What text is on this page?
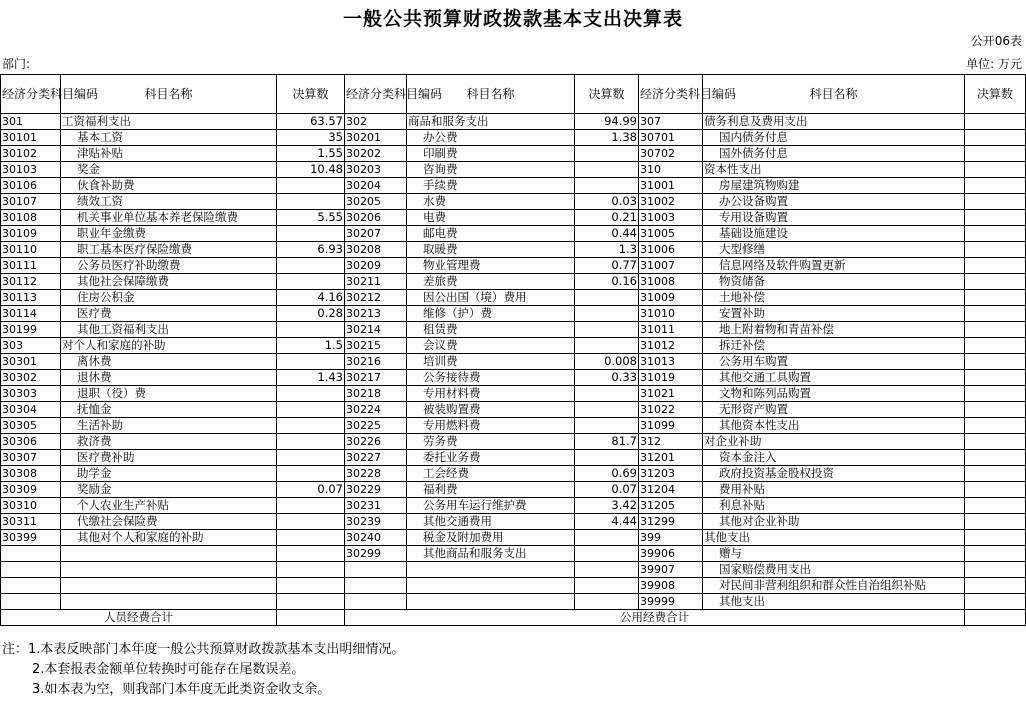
一般公共预算财政拨款基本支出决算表
公开06表
部门:	单位: 万元
经济分类科目编码	科目名称	决算数	经济分类科目编码	科目名称	决算数	经济分类科目编码	科目名称	决算数
301	工资福利支出	63.57	302	商品和服务支出	94.99	307	债务利息及费用支出	
30101	基本工资	35	30201	办公费	1.38	30701	国内债务付息	
30102	津贴补贴	1.55	30202	印刷费		30702	国外债务付息	
30103	奖金	10.48	30203	咨询费		310	资本性支出	
30106	伙食补助费		30204	手续费		31001	房屋建筑物购建	
30107	绩效工资		30205	水费	0.03	31002	办公设备购置	
30108	机关事业单位基本养老保险缴费	5.55	30206	电费	0.21	31003	专用设备购置	
30109	职业年金缴费		30207	邮电费	0.44	31005	基础设施建设	
30110	职工基本医疗保险缴费	6.93	30208	取暖费	1.3	31006	大型修缮	
30111	公务员医疗补助缴费		30209	物业管理费	0.77	31007	信息网络及软件购置更新	
30112	其他社会保障缴费		30211	差旅费	0.16	31008	物资储备	
30113	住房公积金	4.16	30212	因公出国（境）费用		31009	土地补偿	
30114	医疗费	0.28	30213	维修（护）费		31010	安置补助	
30199	其他工资福利支出		30214	租赁费		31011	地上附着物和青苗补偿	
303	对个人和家庭的补助	1.5	30215	会议费		31012	拆迁补偿	
30301	离休费		30216	培训费	0.008	31013	公务用车购置	
30302	退休费	1.43	30217	公务接待费	0.33	31019	其他交通工具购置	
30303	退职（役）费		30218	专用材料费		31021	文物和陈列品购置	
30304	抚恤金		30224	被装购置费		31022	无形资产购置	
30305	生活补助		30225	专用燃料费		31099	其他资本性支出	
30306	救济费		30226	劳务费	81.7	312	对企业补助	
30307	医疗费补助		30227	委托业务费		31201	资本金注入	
30308	助学金		30228	工会经费	0.69	31203	政府投资基金股权投资	
30309	奖励金	0.07	30229	福利费	0.07	31204	费用补贴	
30310	个人农业生产补贴		30231	公务用车运行维护费	3.42	31205	利息补贴	
30311	代缴社会保险费		30239	其他交通费用	4.44	31299	其他对企业补助	
30399	其他对个人和家庭的补助		30240	税金及附加费用		399	其他支出	
			30299	其他商品和服务支出		39906	赠与	
						39907	国家赔偿费用支出	
						39908	对民间非营利组织和群众性自治组织补贴	
						39999	其他支出	
人员经费合计			公用经费合计					
注：1.本表反映部门本年度一般公共预算财政拨款基本支出明细情况。
2.本套报表金额单位转换时可能存在尾数误差。
3.如本表为空，则我部门本年度无此类资金收支余。
